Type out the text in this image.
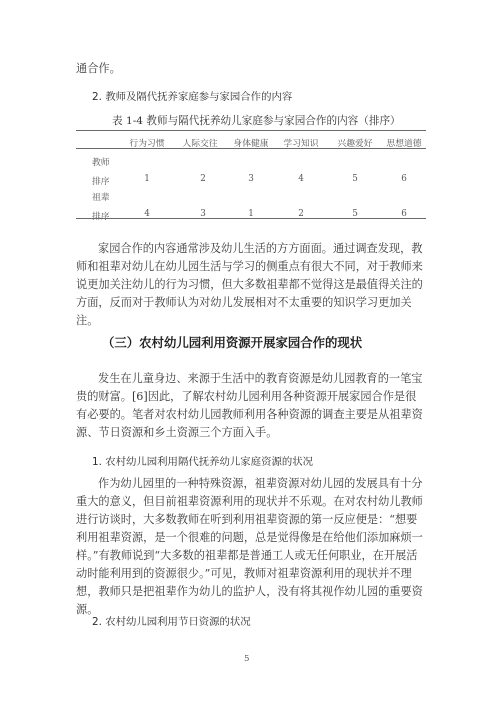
通合作。
2. 教师及隔代抚养家庭参与家园合作的内容
表 1-4 教师与隔代抚养幼儿家庭参与家园合作的内容（排序）
行为习惯	人际交往	身体健康	学习知识	兴趣爱好	思想道德
教师
排序	1	2	3	4	5	6
祖辈
排序	4	3	1	2	5	6

家园合作的内容通常涉及幼儿生活的方方面面。通过调查发现，教师和祖辈对幼儿在幼儿园生活与学习的侧重点有很大不同，对于教师来说更加关注幼儿的行为习惯，但大多数祖辈都不觉得这是最值得关注的方面，反而对于教师认为对幼儿发展相对不太重要的知识学习更加关注。

（三）农村幼儿园利用资源开展家园合作的现状

发生在儿童身边、来源于生活中的教育资源是幼儿园教育的一笔宝贵的财富。[6]因此，了解农村幼儿园利用各种资源开展家园合作是很有必要的。笔者对农村幼儿园教师利用各种资源的调查主要是从祖辈资源、节日资源和乡土资源三个方面入手。

1. 农村幼儿园利用隔代抚养幼儿家庭资源的状况

作为幼儿园里的一种特殊资源，祖辈资源对幼儿园的发展具有十分重大的意义，但目前祖辈资源利用的现状并不乐观。在对农村幼儿教师进行访谈时，大多数教师在听到利用祖辈资源的第一反应便是：“想要利用祖辈资源，是一个很难的问题，总是觉得像是在给他们添加麻烦一样。”有教师说到“大多数的祖辈都是普通工人或无任何职业，在开展活动时能利用到的资源很少。”可见，教师对祖辈资源利用的现状并不理想，教师只是把祖辈作为幼儿的监护人，没有将其视作幼儿园的重要资源。

2. 农村幼儿园利用节日资源的状况
5
